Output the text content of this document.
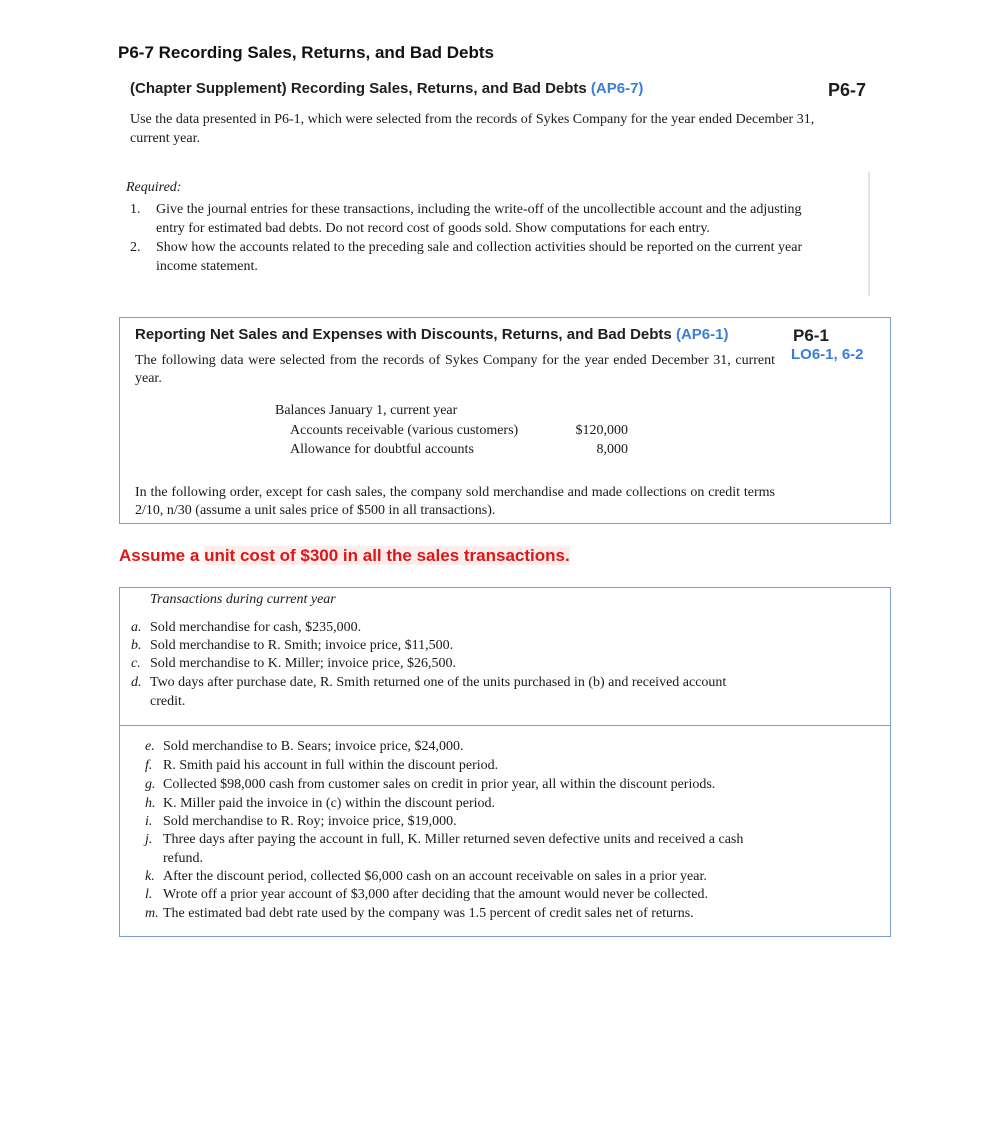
P6-7 Recording Sales, Returns, and Bad Debts
(Chapter Supplement) Recording Sales, Returns, and Bad Debts (AP6-7)	P6-7
Use the data presented in P6-1, which were selected from the records of Sykes Company for the year ended December 31, current year.
Required:
1.	Give the journal entries for these transactions, including the write-off of the uncollectible account and the adjusting entry for estimated bad debts. Do not record cost of goods sold. Show computations for each entry.
2.	Show how the accounts related to the preceding sale and collection activities should be reported on the current year income statement.
Reporting Net Sales and Expenses with Discounts, Returns, and Bad Debts (AP6-1)	P6-1
LO6-1, 6-2
The following data were selected from the records of Sykes Company for the year ended December 31, current year.
Balances January 1, current year
Accounts receivable (various customers)	$120,000
Allowance for doubtful accounts	8,000
In the following order, except for cash sales, the company sold merchandise and made collections on credit terms 2/10, n/30 (assume a unit sales price of $500 in all transactions).
Assume a unit cost of $300 in all the sales transactions.
Transactions during current year
a. Sold merchandise for cash, $235,000.
b. Sold merchandise to R. Smith; invoice price, $11,500.
c. Sold merchandise to K. Miller; invoice price, $26,500.
d. Two days after purchase date, R. Smith returned one of the units purchased in (b) and received account
credit.
e. Sold merchandise to B. Sears; invoice price, $24,000.
f. R. Smith paid his account in full within the discount period.
g. Collected $98,000 cash from customer sales on credit in prior year, all within the discount periods.
h. K. Miller paid the invoice in (c) within the discount period.
i. Sold merchandise to R. Roy; invoice price, $19,000.
j. Three days after paying the account in full, K. Miller returned seven defective units and received a cash
refund.
k. After the discount period, collected $6,000 cash on an account receivable on sales in a prior year.
l. Wrote off a prior year account of $3,000 after deciding that the amount would never be collected.
m. The estimated bad debt rate used by the company was 1.5 percent of credit sales net of returns.
